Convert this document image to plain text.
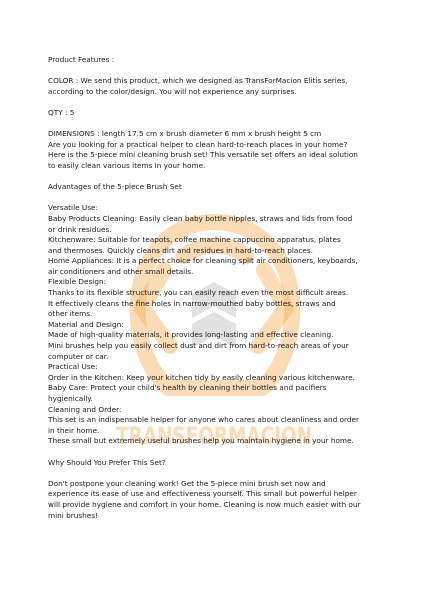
TRANSFORMACION

Product Features :

COLOR : We send this product, which we designed as TransForMacion Elitis series,

according to the color/design. You will not experience any surprises.

QTY : 5

DIMENSIONS : length 17.5 cm x brush diameter 6 mm x brush height 5 cm

Are you looking for a practical helper to clean hard-to-reach places in your home?

Here is the 5-piece mini cleaning brush set! This versatile set offers an ideal solution

to easily clean various items in your home.

Advantages of the 5-piece Brush Set

Versatile Use:

Baby Products Cleaning: Easily clean baby bottle nipples, straws and lids from food

or drink residues.

Kitchenware: Suitable for teapots, coffee machine cappuccino apparatus, plates

and thermoses. Quickly cleans dirt and residues in hard-to-reach places.

Home Appliances: It is a perfect choice for cleaning split air conditioners, keyboards,

air conditioners and other small details.

Flexible Design:

Thanks to its flexible structure, you can easily reach even the most difficult areas.

It effectively cleans the fine holes in narrow-mouthed baby bottles, straws and

other items.

Material and Design:

Made of high-quality materials, it provides long-lasting and effective cleaning.

Mini brushes help you easily collect dust and dirt from hard-to-reach areas of your

computer or car.

Practical Use:

Order in the Kitchen: Keep your kitchen tidy by easily cleaning various kitchenware.

Baby Care: Protect your child's health by cleaning their bottles and pacifiers

hygienically.

Cleaning and Order:

This set is an indispensable helper for anyone who cares about cleanliness and order

in their home.

These small but extremely useful brushes help you maintain hygiene in your home.

Why Should You Prefer This Set?

Don't postpone your cleaning work! Get the 5-piece mini brush set now and

experience its ease of use and effectiveness yourself. This small but powerful helper

will provide hygiene and comfort in your home. Cleaning is now much easier with our

mini brushes!
